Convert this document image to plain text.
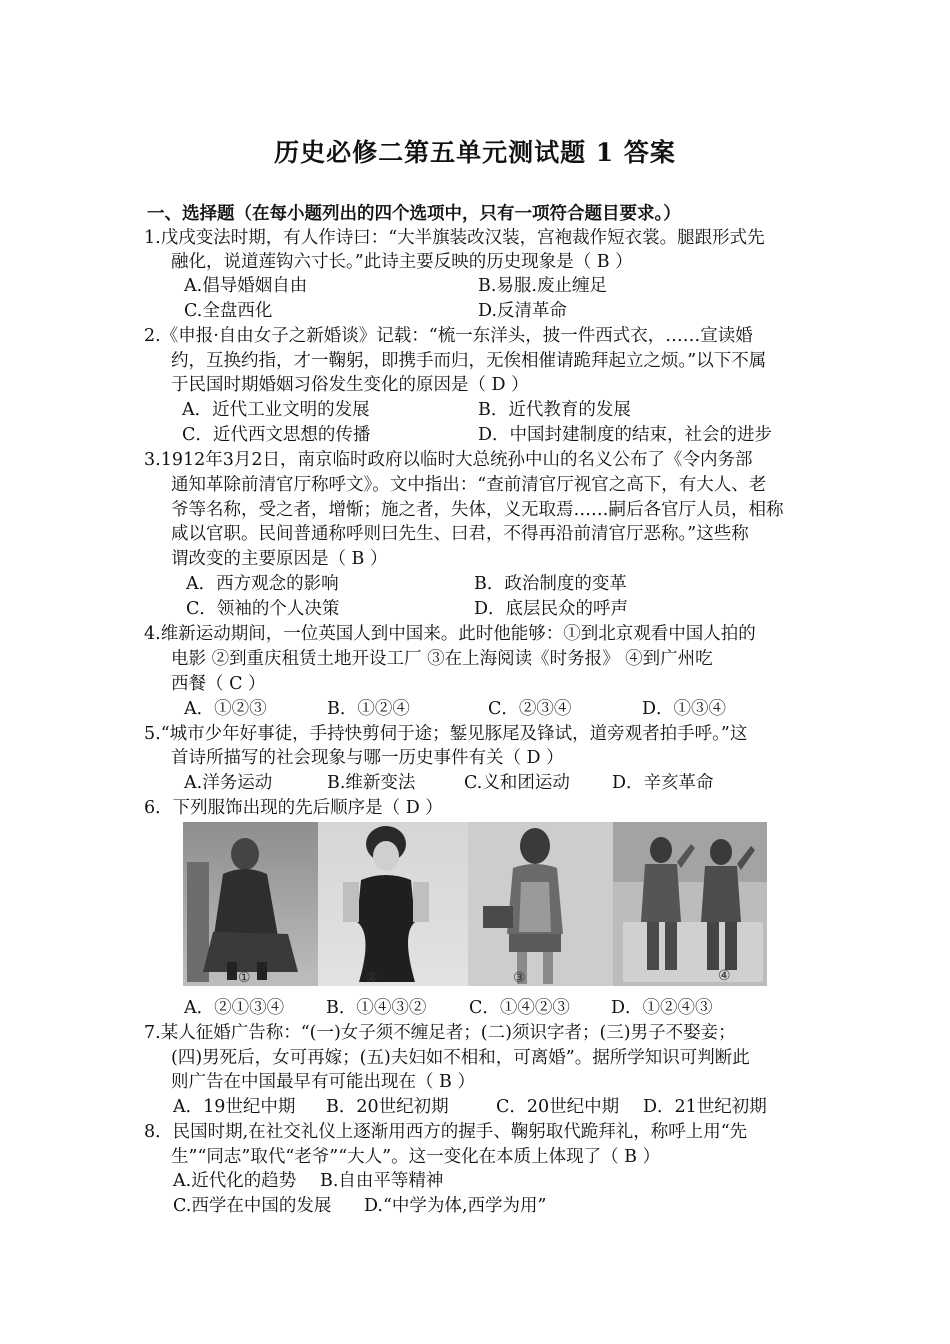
历史必修二第五单元测试题 1 答案
一、选择题（在每小题列出的四个选项中，只有一项符合题目要求。）
1.戊戌变法时期，有人作诗曰：“大半旗装改汉装，宫袍裁作短衣裳。腿跟形式先
融化，说道莲钩六寸长。”此诗主要反映的历史现象是（ B ）
A.倡导婚姻自由	B.易服.废止缠足
C.全盘西化	D.反清革命
2.《申报·自由女子之新婚谈》记载：“梳一东洋头，披一件西式衣，……宣读婚
约，互换约指，才一鞠躬，即携手而归，无俟相催请跪拜起立之烦。”以下不属
于民国时期婚姻习俗发生变化的原因是（ D ）
A．近代工业文明的发展	B．近代教育的发展
C．近代西文思想的传播	D．中国封建制度的结束，社会的进步
3.1912年3月2日，南京临时政府以临时大总统孙中山的名义公布了《令内务部
通知革除前清官厅称呼文》。文中指出：“查前清官厅视官之高下，有大人、老
爷等名称，受之者，增惭；施之者，失体，义无取焉……嗣后各官厅人员，相称
咸以官职。民间普通称呼则曰先生、曰君，不得再沿前清官厅恶称。”这些称
谓改变的主要原因是（ B ）
A．西方观念的影响	B．政治制度的变革
C．领袖的个人决策	D．底层民众的呼声
4.维新运动期间，一位英国人到中国来。此时他能够：①到北京观看中国人拍的
电影 ②到重庆租赁土地开设工厂 ③在上海阅读《时务报》 ④到广州吃
西餐（ C ）
A．①②③	B．①②④	C．②③④	D．①③④
5.“城市少年好事徒，手持快剪伺于途；錾见豚尾及锋试，道旁观者拍手呼。”这
首诗所描写的社会现象与哪一历史事件有关（ D ）
A.洋务运动	B.维新变法	C.义和团运动 D．辛亥革命
6．下列服饰出现的先后顺序是（ D ）
①	②	③	④
A．②①③④ B．①④③② C．①④②③ D．①②④③
7.某人征婚广告称：“(一)女子须不缠足者；(二)须识字者；(三)男子不娶妾；
(四)男死后，女可再嫁；(五)夫妇如不相和，可离婚”。据所学知识可判断此
则广告在中国最早有可能出现在（ B ）
A．19世纪中期 B．20世纪初期	C．20世纪中期 D．21世纪初期
8．民国时期,在社交礼仪上逐渐用西方的握手、鞠躬取代跪拜礼，称呼上用“先
生”“同志”取代“老爷”“大人”。这一变化在本质上体现了（ B ）
A.近代化的趋势 B.自由平等精神
C.西学在中国的发展 D.“中学为体,西学为用”
